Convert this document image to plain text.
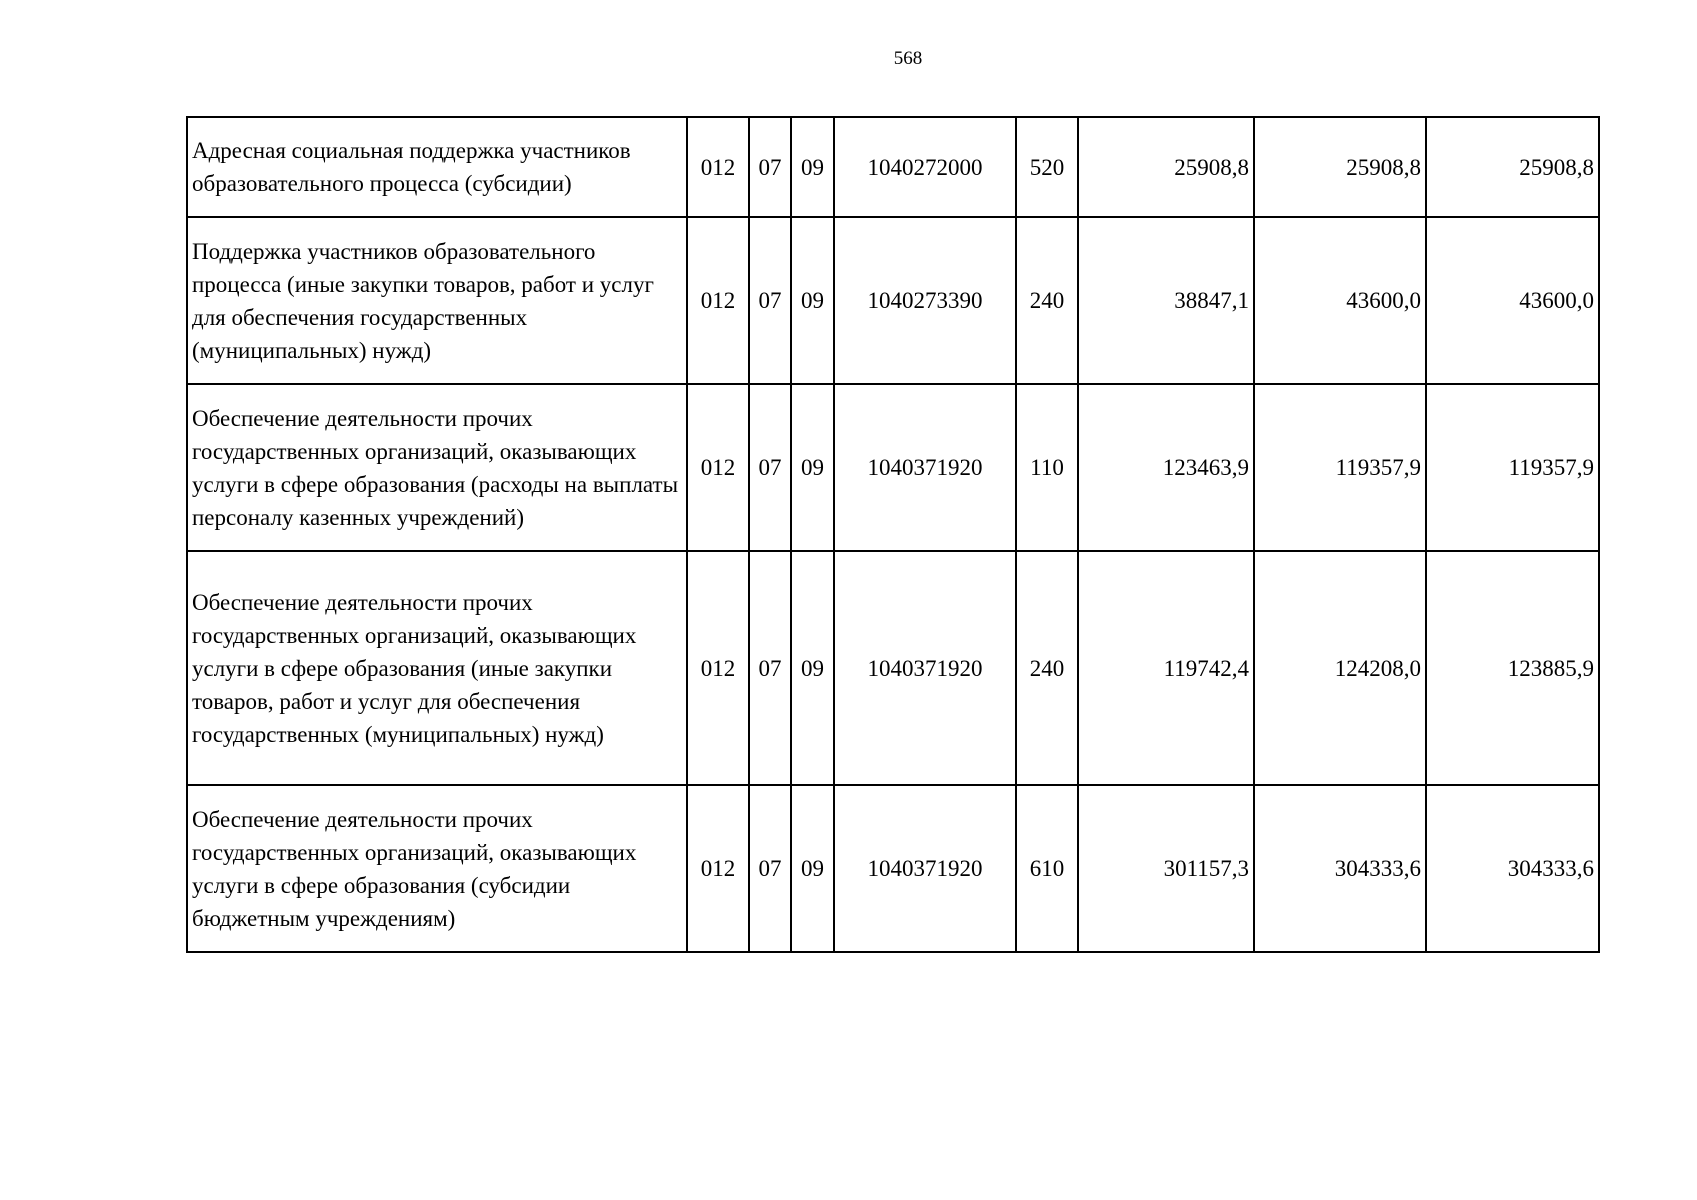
568
Адресная социальная поддержка участников образовательного процесса (субсидии)	012	07	09	1040272000	520	25908,8	25908,8	25908,8
Поддержка участников образовательного процесса (иные закупки товаров, работ и услуг для обеспечения государственных (муниципальных) нужд)	012	07	09	1040273390	240	38847,1	43600,0	43600,0
Обеспечение деятельности прочих государственных организаций, оказывающих услуги в сфере образования (расходы на выплаты персоналу казенных учреждений)	012	07	09	1040371920	110	123463,9	119357,9	119357,9
Обеспечение деятельности прочих государственных организаций, оказывающих услуги в сфере образования (иные закупки товаров, работ и услуг для обеспечения государственных (муниципальных) нужд)	012	07	09	1040371920	240	119742,4	124208,0	123885,9
Обеспечение деятельности прочих государственных организаций, оказывающих услуги в сфере образования (субсидии бюджетным учреждениям)	012	07	09	1040371920	610	301157,3	304333,6	304333,6
